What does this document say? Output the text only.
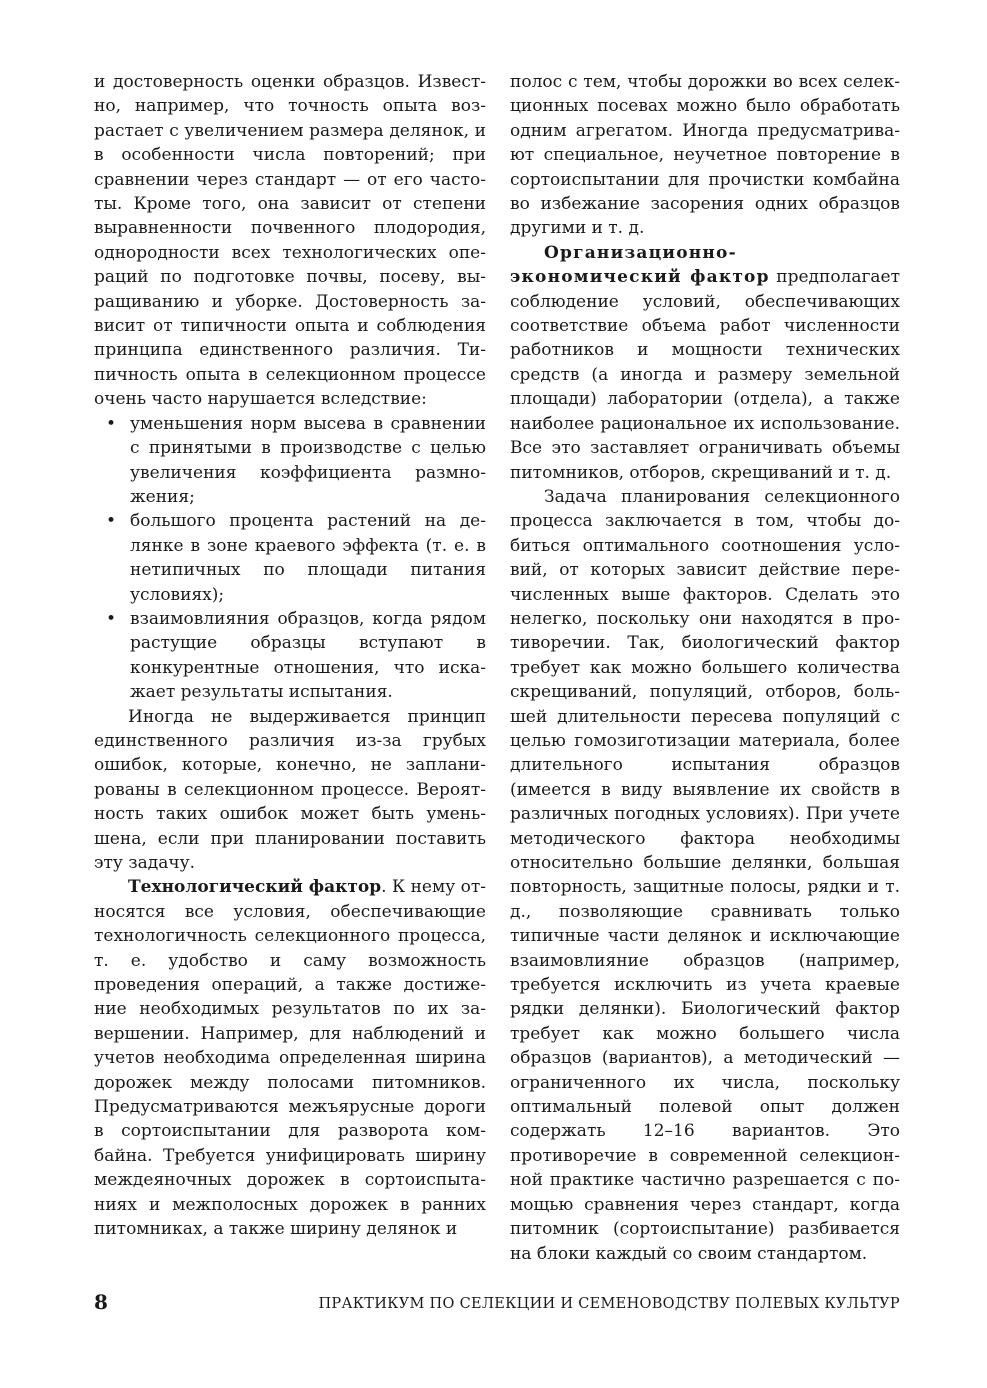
и достоверность оценки образцов. Известно, например, что точность опыта возрастает с увеличением размера делянок, и в особенности числа повторений; при сравнении через стандарт — от его частоты. Кроме того, она зависит от степени выравненности почвенного плодородия, однородности всех технологических операций по подготовке почвы, посеву, выращиванию и уборке. Достоверность зависит от типичности опыта и соблюдения принципа единственного различия. Типичность опыта в селекционном процессе очень часто нарушается вследствие:

• уменьшения норм высева в сравнении с принятыми в производстве с целью увеличения коэффициента размножения;
• большого процента растений на делянке в зоне краевого эффекта (т. е. в нетипичных по площади питания условиях);
• взаимовлияния образцов, когда рядом растущие образцы вступают в конкурентные отношения, что искажает результаты испытания.

Иногда не выдерживается принцип единственного различия из-за грубых ошибок, которые, конечно, не запланированы в селекционном процессе. Вероятность таких ошибок может быть уменьшена, если при планировании поставить эту задачу.

Технологический фактор. К нему относятся все условия, обеспечивающие технологичность селекционного процесса, т. е. удобство и саму возможность проведения операций, а также достижение необходимых результатов по их завершении. Например, для наблюдений и учетов необходима определенная ширина дорожек между полосами питомников. Предусматриваются межъярусные дороги в сортоиспытании для разворота комбайна. Требуется унифицировать ширину междеяночных дорожек в сортоиспытаниях и межполосных дорожек в ранних питомниках, а также ширину делянок и

полос с тем, чтобы дорожки во всех селекционных посевах можно было обработать одним агрегатом. Иногда предусматривают специальное, неучетное повторение в сортоиспытании для прочистки комбайна во избежание засорения одних образцов другими и т. д.

Организационно-экономический фактор предполагает соблюдение условий, обеспечивающих соответствие объема работ численности работников и мощности технических средств (а иногда и размеру земельной площади) лаборатории (отдела), а также наиболее рациональное их использование. Все это заставляет ограничивать объемы питомников, отборов, скрещиваний и т. д.

Задача планирования селекционного процесса заключается в том, чтобы добиться оптимального соотношения условий, от которых зависит действие перечисленных выше факторов. Сделать это нелегко, поскольку они находятся в противоречии. Так, биологический фактор требует как можно большего количества скрещиваний, популяций, отборов, большей длительности пересева популяций с целью гомозиготизации материала, более длительного испытания образцов (имеется в виду выявление их свойств в различных погодных условиях). При учете методического фактора необходимы относительно большие делянки, большая повторность, защитные полосы, рядки и т. д., позволяющие сравнивать только типичные части делянок и исключающие взаимовлияние образцов (например, требуется исключить из учета краевые рядки делянки). Биологический фактор требует как можно большего числа образцов (вариантов), а методический — ограниченного их числа, поскольку оптимальный полевой опыт должен содержать 12–16 вариантов. Это противоречие в современной селекционной практике частично разрешается с помощью сравнения через стандарт, когда питомник (сортоиспытание) разбивается на блоки каждый со своим стандартом.

8	ПРАКТИКУМ ПО СЕЛЕКЦИИ И СЕМЕНОВОДСТВУ ПОЛЕВЫХ КУЛЬТУР
